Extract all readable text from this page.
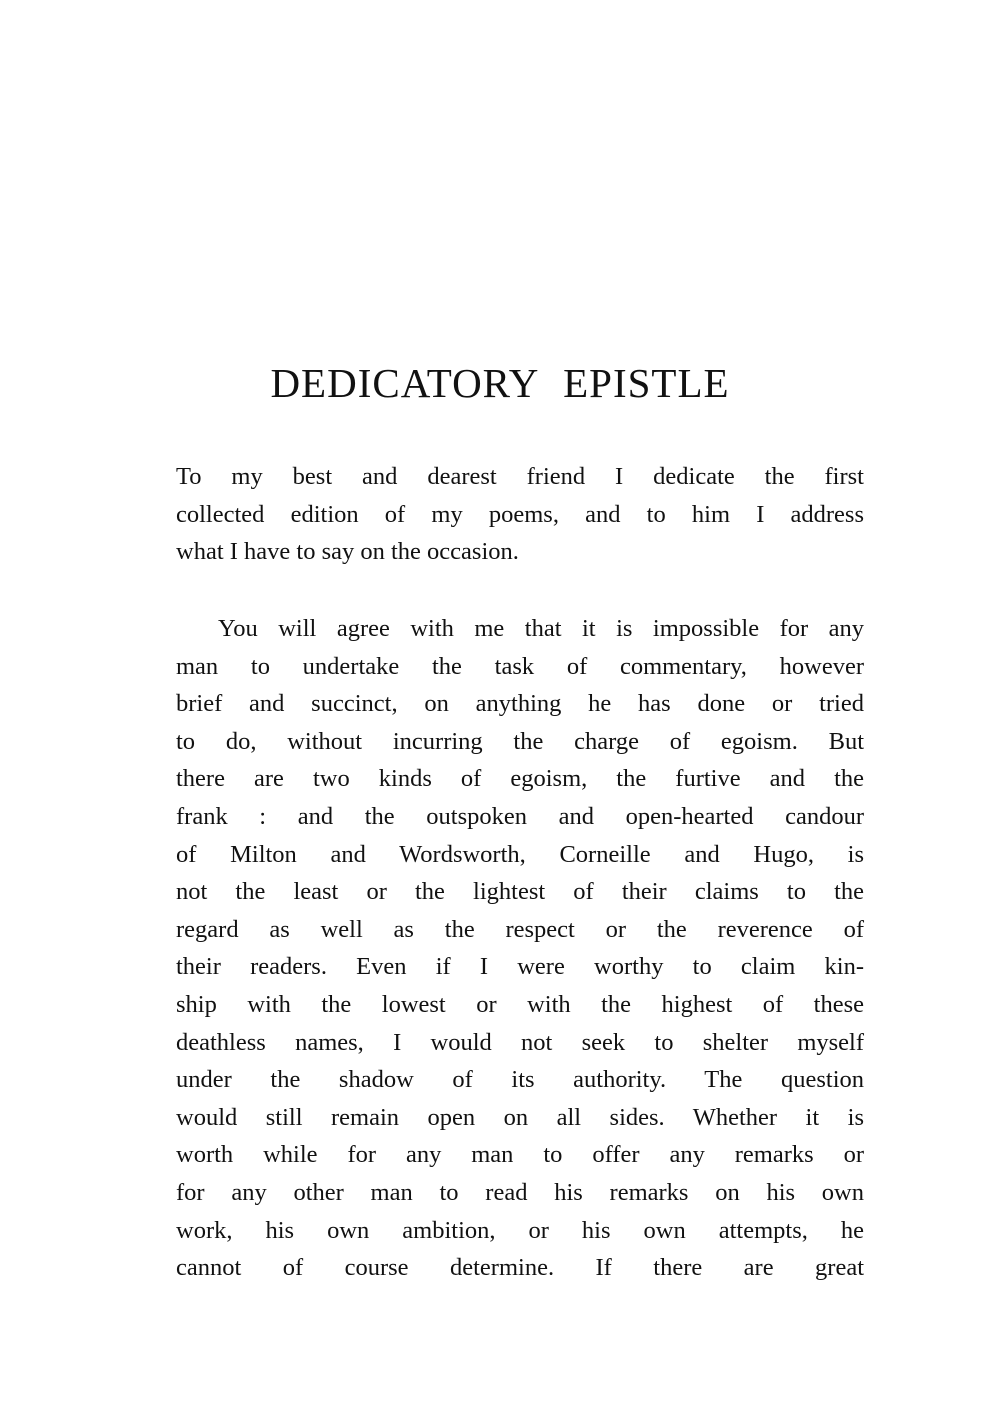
DEDICATORY EPISTLE
To my best and dearest friend I dedicate the first
collected edition of my poems, and to him I address
what I have to say on the occasion.
You will agree with me that it is impossible for any
man to undertake the task of commentary, however
brief and succinct, on anything he has done or tried
to do, without incurring the charge of egoism. But
there are two kinds of egoism, the furtive and the
frank : and the outspoken and open-hearted candour
of Milton and Wordsworth, Corneille and Hugo, is
not the least or the lightest of their claims to the
regard as well as the respect or the reverence of
their readers. Even if I were worthy to claim kin-
ship with the lowest or with the highest of these
deathless names, I would not seek to shelter myself
under the shadow of its authority. The question
would still remain open on all sides. Whether it is
worth while for any man to offer any remarks or
for any other man to read his remarks on his own
work, his own ambition, or his own attempts, he
cannot of course determine. If there are great
